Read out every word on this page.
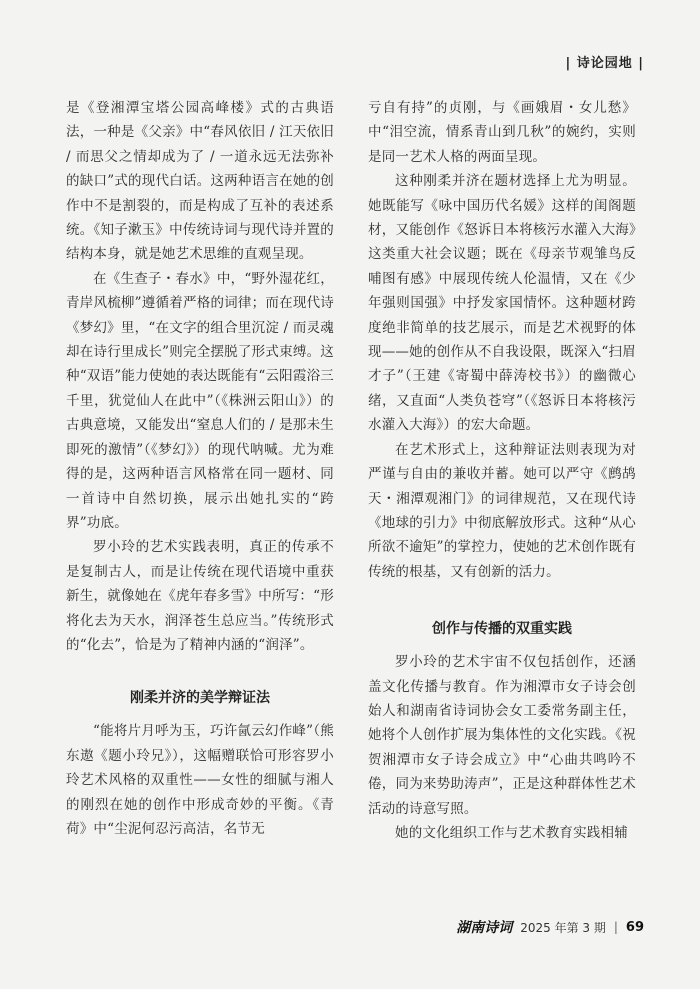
| 诗论园地 |

是《登湘潭宝塔公园高峰楼》式的古典语法，一种是《父亲》中“春风依旧 / 江天依旧 / 而思父之情却成为了 / 一道永远无法弥补的缺口”式的现代白话。这两种语言在她的创作中不是割裂的，而是构成了互补的表述系统。《知子漱玉》中传统诗词与现代诗并置的结构本身，就是她艺术思维的直观呈现。

在《生查子・春水》中，“野外湿花红，青岸风梳柳”遵循着严格的词律；而在现代诗《梦幻》里，“在文字的组合里沉淀 / 而灵魂却在诗行里成长”则完全摆脱了形式束缚。这种“双语”能力使她的表达既能有“云阳霞浴三千里，犹觉仙人在此中”（《株洲云阳山》）的古典意境，又能发出“窒息人们的 / 是那未生即死的激情”（《梦幻》）的现代呐喊。尤为难得的是，这两种语言风格常在同一题材、同一首诗中自然切换，展示出她扎实的“跨界”功底。

罗小玲的艺术实践表明，真正的传承不是复制古人，而是让传统在现代语境中重获新生，就像她在《虎年春多雪》中所写：“形将化去为天水，润泽苍生总应当。”传统形式的“化去”，恰是为了精神内涵的“润泽”。

刚柔并济的美学辩证法

“能将片月呼为玉，巧许氤云幻作峰”（熊东遨《题小玲兄》），这幅赠联恰可形容罗小玲艺术风格的双重性——女性的细腻与湘人的刚烈在她的创作中形成奇妙的平衡。《青荷》中“尘泥何忍污高洁，名节无

亏自有持”的贞刚，与《画娥眉・女儿愁》中“泪空流，情系青山到几秋”的婉约，实则是同一艺术人格的两面呈现。

这种刚柔并济在题材选择上尤为明显。她既能写《咏中国历代名媛》这样的闺阁题材，又能创作《怒诉日本将核污水灌入大海》这类重大社会议题；既在《母亲节观雏鸟反哺图有感》中展现传统人伦温情，又在《少年强则国强》中抒发家国情怀。这种题材跨度绝非简单的技艺展示，而是艺术视野的体现——她的创作从不自我设限，既深入“扫眉才子”（王建《寄蜀中薛涛校书》）的幽微心绪，又直面“人类负苍穹”（《怒诉日本将核污水灌入大海》）的宏大命题。

在艺术形式上，这种辩证法则表现为对严谨与自由的兼收并蓄。她可以严守《鹧鸪天・湘潭观湘门》的词律规范，又在现代诗《地球的引力》中彻底解放形式。这种“从心所欲不逾矩”的掌控力，使她的艺术创作既有传统的根基，又有创新的活力。

创作与传播的双重实践

罗小玲的艺术宇宙不仅包括创作，还涵盖文化传播与教育。作为湘潭市女子诗会创始人和湖南省诗词协会女工委常务副主任，她将个人创作扩展为集体性的文化实践。《祝贺湘潭市女子诗会成立》中“心曲共鸣吟不倦，同为来势助涛声”，正是这种群体性艺术活动的诗意写照。

她的文化组织工作与艺术教育实践相辅

湖南诗词 2025 年第 3 期 | 69
